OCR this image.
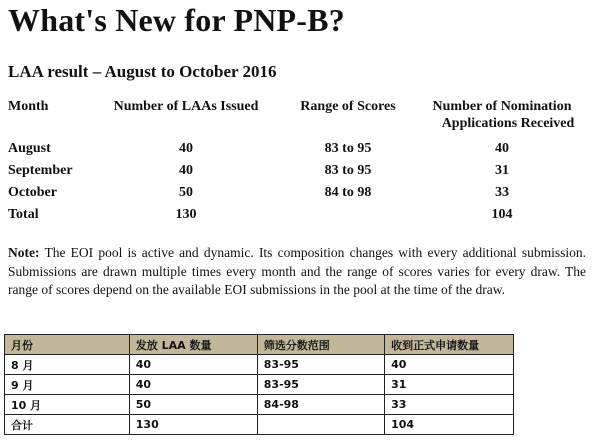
What's New for PNP-B?
LAA result – August to October 2016
Month	Number of LAAs Issued	Range of Scores	Number of Nomination
Applications Received

August	40	83 to 95	40
September	40	83 to 95	31
October	50	84 to 98	33
Total	130		104
Note: The EOI pool is active and dynamic. Its composition changes with every additional submission. Submissions are drawn multiple times every month and the range of scores varies for every draw. The range of scores depend on the available EOI submissions in the pool at the time of the draw.
月份	发放 LAA 数量	筛选分数范围	收到正式申请数量
8 月	40	83-95	40
9 月	40	83-95	31
10 月	50	84-98	33
合计	130		104
